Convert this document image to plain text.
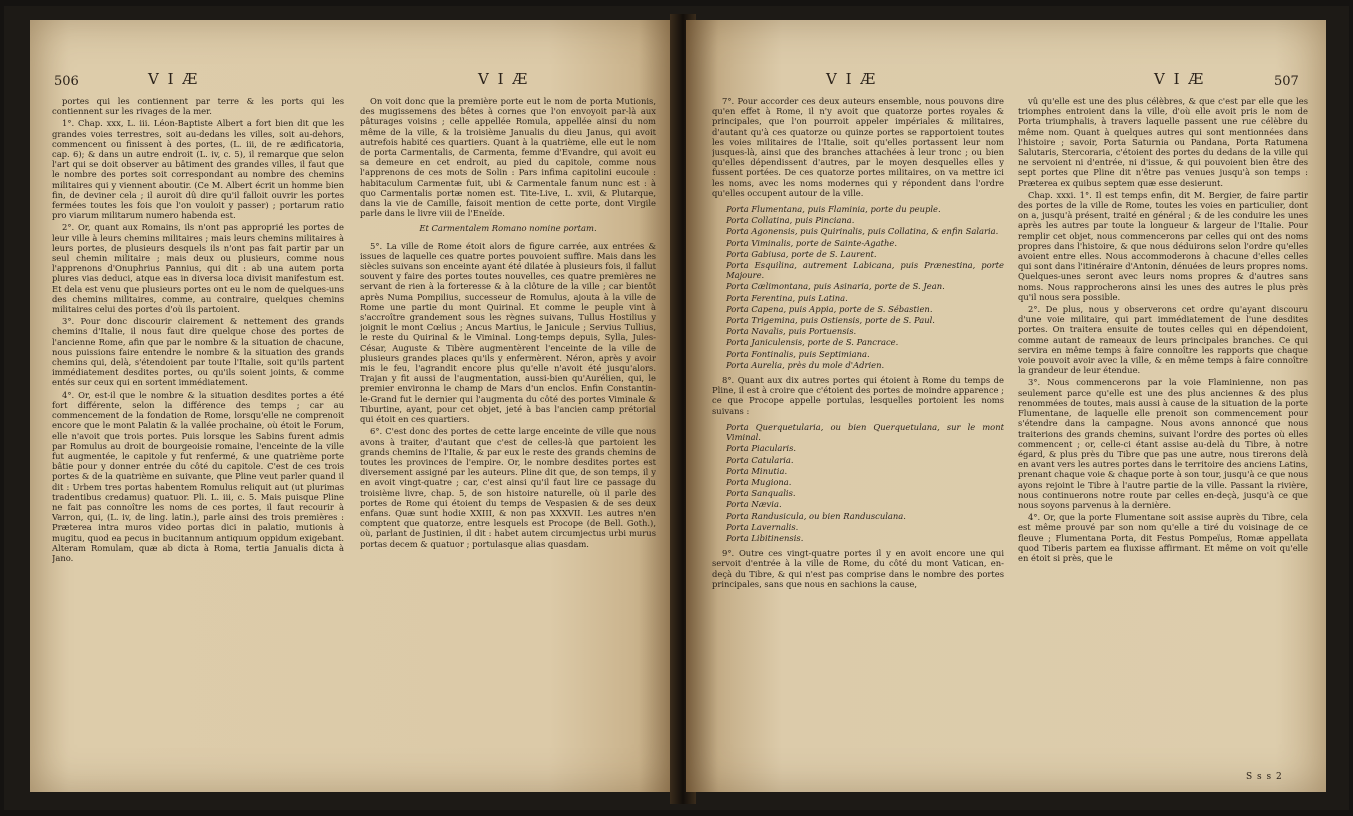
506	V I Æ	V I Æ

portes qui les contiennent par terre & les ports qui les contiennent sur les rivages de la mer.

1°. Chap. xxx, L. iii. Léon-Baptiste Albert a fort bien dit que les grandes voies terrestres, soit au-dedans les villes, soit au-dehors, commencent ou finissent à des portes, (L. iii, de re ædificatoria, cap. 6); & dans un autre endroit (L. iv, c. 5), il remarque que selon l'art qui se doit observer au bâtiment des grandes villes, il faut que le nombre des portes soit correspondant au nombre des chemins militaires qui y viennent aboutir. (Ce M. Albert écrit un homme bien fin, de deviner cela ; il auroit dû dire qu'il falloit ouvrir les portes fermées toutes les fois que l'on vouloit y passer) ; portarum ratio pro viarum militarum numero habenda est.

2°. Or, quant aux Romains, ils n'ont pas approprié les portes de leur ville à leurs chemins militaires ; mais leurs chemins militaires à leurs portes, de plusieurs desquels ils n'ont pas fait partir par un seul chemin militaire ; mais deux ou plusieurs, comme nous l'apprenons d'Onuphrius Pannius, qui dit : ab una autem porta plures vias deduci, atque eas in diversa loca divisit manifestum est. Et dela est venu que plusieurs portes ont eu le nom de quelques-uns des chemins militaires, comme, au contraire, quelques chemins militaires celui des portes d'où ils partoient.

3°. Pour donc discourir clairement & nettement des grands chemins d'Italie, il nous faut dire quelque chose des portes de l'ancienne Rome, afin que par le nombre & la situation de chacune, nous puissions faire entendre le nombre & la situation des grands chemins qui, delà, s'étendoient par toute l'Italie, soit qu'ils partent immédiatement desdites portes, ou qu'ils soient joints, & comme entés sur ceux qui en sortent immédiatement.

4°. Or, est-il que le nombre & la situation desdites portes a été fort différente, selon la différence des temps ; car au commencement de la fondation de Rome, lorsqu'elle ne comprenoit encore que le mont Palatin & la vallée prochaine, où étoit le Forum, elle n'avoit que trois portes. Puis lorsque les Sabins furent admis par Romulus au droit de bourgeoisie romaine, l'enceinte de la ville fut augmentée, le capitole y fut renfermé, & une quatrième porte bâtie pour y donner entrée du côté du capitole. C'est de ces trois portes & de la quatrième en suivante, que Pline veut parler quand il dit : Urbem tres portas habentem Romulus reliquit aut (ut plurimas tradentibus credamus) quatuor. Pli. L. iii, c. 5. Mais puisque Pline ne fait pas connoître les noms de ces portes, il faut recourir à Varron, qui, (L. iv, de ling. latin.), parle ainsi des trois premières : Præterea intra muros video portas dici in palatio, mutionis à mugitu, quod ea pecus in bucitannum antiquum oppidum exigebant. Alteram Romulam, quæ ab dicta à Roma, tertia Janualis dicta à Jano.

On voit donc que la première porte eut le nom de porta Mutionis, des mugissemens des bêtes à cornes que l'on envoyoit par-là aux pâturages voisins ; celle appellée Romula, appellée ainsi du nom même de la ville, & la troisième Janualis du dieu Janus, qui avoit autrefois habité ces quartiers. Quant à la quatrième, elle eut le nom de porta Carmentalis, de Carmenta, femme d'Evandre, qui avoit eu sa demeure en cet endroit, au pied du capitole, comme nous l'apprenons de ces mots de Solin : Pars infima capitolini eucoule : habitaculum Carmentæ fuit, ubi & Carmentale fanum nunc est : à quo Carmentalis portæ nomen est. Tite-Live, L. xvii, & Plutarque, dans la vie de Camille, faisoit mention de cette porte, dont Virgile parle dans le livre viii de l'Eneïde.

Et Carmentalem Romano nomine portam.

5°. La ville de Rome étoit alors de figure carrée, aux entrées & issues de laquelle ces quatre portes pouvoient suffire. Mais dans les siècles suivans son enceinte ayant été dilatée à plusieurs fois, il fallut souvent y faire des portes toutes nouvelles, ces quatre premières ne servant de rien à la forteresse & à la clôture de la ville ; car bientôt après Numa Pompilius, successeur de Romulus, ajouta à la ville de Rome une partie du mont Quirinal. Et comme le peuple vint à s'accroître grandement sous les règnes suivans, Tullus Hostilius y joignit le mont Cœlius ; Ancus Martius, le Janicule ; Servius Tullius, le reste du Quirinal & le Viminal. Long-temps depuis, Sylla, Jules-César, Auguste & Tibère augmentèrent l'enceinte de la ville de plusieurs grandes places qu'ils y enfermèrent. Néron, après y avoir mis le feu, l'agrandit encore plus qu'elle n'avoit été jusqu'alors. Trajan y fit aussi de l'augmentation, aussi-bien qu'Aurélien, qui, le premier environna le champ de Mars d'un enclos. Enfin Constantin-le-Grand fut le dernier qui l'augmenta du côté des portes Viminale & Tiburtine, ayant, pour cet objet, jeté à bas l'ancien camp prétorial qui étoit en ces quartiers.

6°. C'est donc des portes de cette large enceinte de ville que nous avons à traiter, d'autant que c'est de celles-là que partoient les grands chemins de l'Italie, & par eux le reste des grands chemins de toutes les provinces de l'empire. Or, le nombre desdites portes est diversement assigné par les auteurs. Pline dit que, de son temps, il y en avoit vingt-quatre ; car, c'est ainsi qu'il faut lire ce passage du troisième livre, chap. 5, de son histoire naturelle, où il parle des portes de Rome qui étoient du temps de Vespasien & de ses deux enfans. Quæ sunt hodie XXIII, & non pas XXXVII. Les autres n'en comptent que quatorze, entre lesquels est Procope (de Bell. Goth.), où, parlant de Justinien, il dit : habet autem circumjectus urbi murus portas decem & quatuor ; portulasque alias quasdam.

V I Æ	V I Æ	507

7°. Pour accorder ces deux auteurs ensemble, nous pouvons dire qu'en effet à Rome, il n'y avoit que quatorze portes royales & principales, que l'on pourroit appeler impériales & militaires, d'autant qu'à ces quatorze ou quinze portes se rapportoient toutes les voies militaires de l'Italie, soit qu'elles portassent leur nom jusques-là, ainsi que des branches attachées à leur tronc ; ou bien qu'elles dépendissent d'autres, par le moyen desquelles elles y fussent portées. De ces quatorze portes militaires, on va mettre ici les noms, avec les noms modernes qui y répondent dans l'ordre qu'elles occupent autour de la ville.

Porta Flumentana, puis Flaminia, porte du peuple.

Porta Collatina, puis Pinciana.

Porta Agonensis, puis Quirinalis, puis Collatina, & enfin Salaria.

Porta Viminalis, porte de Sainte-Agathe.

Porta Gabiusa, porte de S. Laurent.

Porta Esquilina, autrement Labicana, puis Prænestina, porte Majoure.

Porta Cælimontana, puis Asinaria, porte de S. Jean.

Porta Ferentina, puis Latina.

Porta Capena, puis Appia, porte de S. Sébastien.

Porta Trigemina, puis Ostiensis, porte de S. Paul.

Porta Navalis, puis Portuensis.

Porta Janiculensis, porte de S. Pancrace.

Porta Fontinalis, puis Septimiana.

Porta Aurelia, près du mole d'Adrien.

8°. Quant aux dix autres portes qui étoient à Rome du temps de Pline, il est à croire que c'étoient des portes de moindre apparence ; ce que Procope appelle portulas, lesquelles portoient les noms suivans :

Porta Querquetularia, ou bien Querquetulana, sur le mont Viminal.

Porta Piacularis.

Porta Catularia.

Porta Minutia.

Porta Mugiona.

Porta Sanqualis.

Porta Nævia.

Porta Randusicula, ou bien Randusculana.

Porta Lavernalis.

Porta Libitinensis.

9°. Outre ces vingt-quatre portes il y en avoit encore une qui servoit d'entrée à la ville de Rome, du côté du mont Vatican, en-deçà du Tibre, & qui n'est pas comprise dans le nombre des portes principales, sans que nous en sachions la cause,

vû qu'elle est une des plus célèbres, & que c'est par elle que les triomphes entroient dans la ville, d'où elle avoit pris le nom de Porta triumphalis, à travers laquelle passent une rue célèbre du même nom. Quant à quelques autres qui sont mentionnées dans l'histoire ; savoir, Porta Saturnia ou Pandana, Porta Ratumena Salutaris, Stercoraria, c'étoient des portes du dedans de la ville qui ne servoient ni d'entrée, ni d'issue, & qui pouvoient bien être des sept portes que Pline dit n'être pas venues jusqu'à son temps : Præterea ex quibus septem quæ esse desierunt.

Chap. xxxi. 1°. Il est temps enfin, dit M. Bergier, de faire partir des portes de la ville de Rome, toutes les voies en particulier, dont on a, jusqu'à présent, traité en général ; & de les conduire les unes après les autres par toute la longueur & largeur de l'Italie. Pour remplir cet objet, nous commencerons par celles qui ont des noms propres dans l'histoire, & que nous déduirons selon l'ordre qu'elles avoient entre elles. Nous accommoderons à chacune d'elles celles qui sont dans l'itinéraire d'Antonin, dénuées de leurs propres noms. Quelques-unes seront avec leurs noms propres & d'autres sans noms. Nous rapprocherons ainsi les unes des autres le plus près qu'il nous sera possible.

2°. De plus, nous y observerons cet ordre qu'ayant discouru d'une voie militaire, qui part immédiatement de l'une desdites portes. On traitera ensuite de toutes celles qui en dépendoient, comme autant de rameaux de leurs principales branches. Ce qui servira en même temps à faire connoître les rapports que chaque voie pouvoit avoir avec la ville, & en même temps à faire connoître la grandeur de leur étendue.

3°. Nous commencerons par la voie Flaminienne, non pas seulement parce qu'elle est une des plus anciennes & des plus renommées de toutes, mais aussi à cause de la situation de la porte Flumentane, de laquelle elle prenoit son commencement pour s'étendre dans la campagne. Nous avons annoncé que nous traiterions des grands chemins, suivant l'ordre des portes où elles commencent ; or, celle-ci étant assise au-delà du Tibre, à notre égard, & plus près du Tibre que pas une autre, nous tirerons delà en avant vers les autres portes dans le territoire des anciens Latins, prenant chaque voie & chaque porte à son tour, jusqu'à ce que nous ayons rejoint le Tibre à l'autre partie de la ville. Passant la rivière, nous continuerons notre route par celles en-deçà, jusqu'à ce que nous soyons parvenus à la dernière.

4°. Or, que la porte Flumentane soit assise auprès du Tibre, cela est même prouvé par son nom qu'elle a tiré du voisinage de ce fleuve ; Flumentana Porta, dit Festus Pompeïus, Romæ appellata quod Tiberis partem ea fluxisse affirmant. Et même on voit qu'elle en étoit si près, que le

S s s 2
